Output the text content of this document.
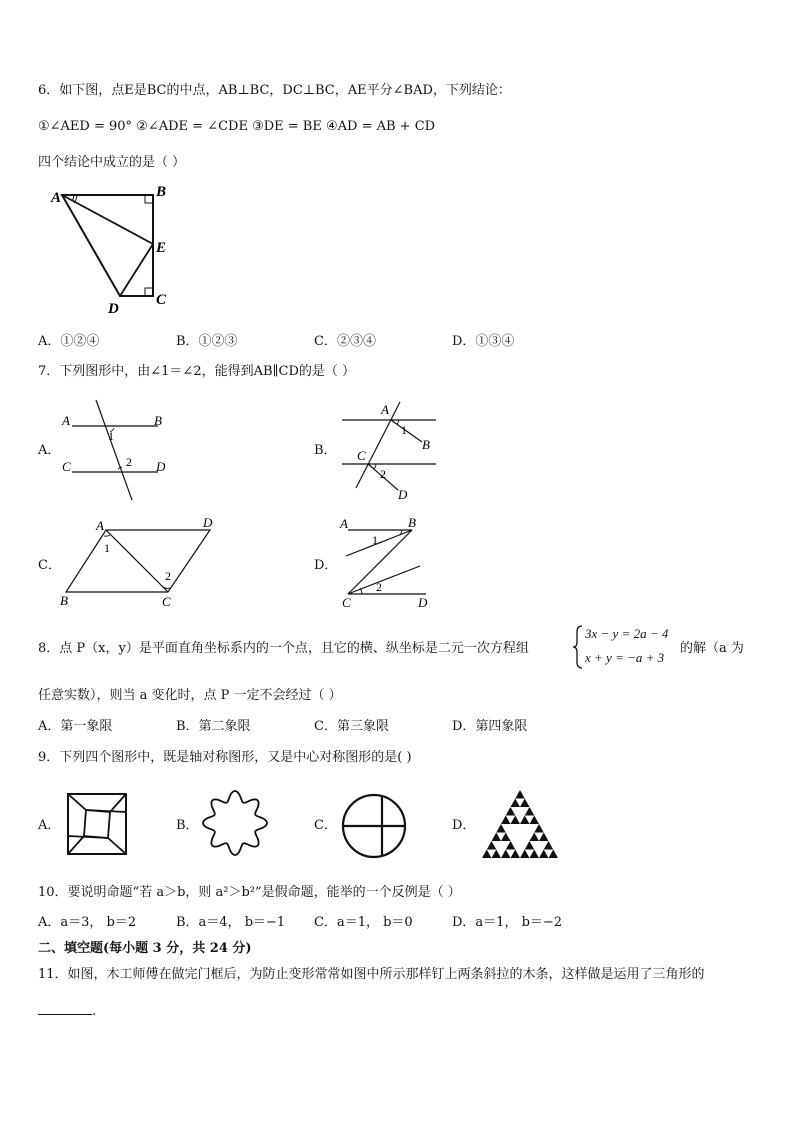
6．如下图，点E是BC的中点，AB⊥BC，DC⊥BC，AE平分∠BAD，下列结论：
①∠AED = 90° ②∠ADE = ∠CDE ③DE = BE ④AD = AB + CD
四个结论中成立的是（ ）
A	B
E
C
D
A．①②④	B．①②③	C．②③④	D．①③④
7．下列图形中，由∠1＝∠2，能得到AB∥CD的是（ ）
A．
A	B
C	D
1
2
B．
A
B
C
D
1
2
C．
A	D
B	C
1
2
D．
A	B
C	D
1
2
8．点 P（x，y）是平面直角坐标系内的一个点，且它的横、纵坐标是二元一次方程组
3x − y = 2a − 4
x + y = −a + 3
的解（a 为
任意实数），则当 a 变化时，点 P 一定不会经过（ ）
A．第一象限	B．第二象限	C．第三象限	D．第四象限
9．下列四个图形中，既是轴对称图形，又是中心对称图形的是( )
A．	B．	C．	D．
10．要说明命题“若 a＞b，则 a²＞b²”是假命题，能举的一个反例是（ ）
A．a＝3， b＝2	B．a＝4， b＝−1 C．a＝1， b＝0	D．a＝1， b＝−2
二、填空题(每小题 3 分，共 24 分)
11．如图，木工师傅在做完门框后，为防止变形常常如图中所示那样钉上两条斜拉的木条，这样做是运用了三角形的
.
